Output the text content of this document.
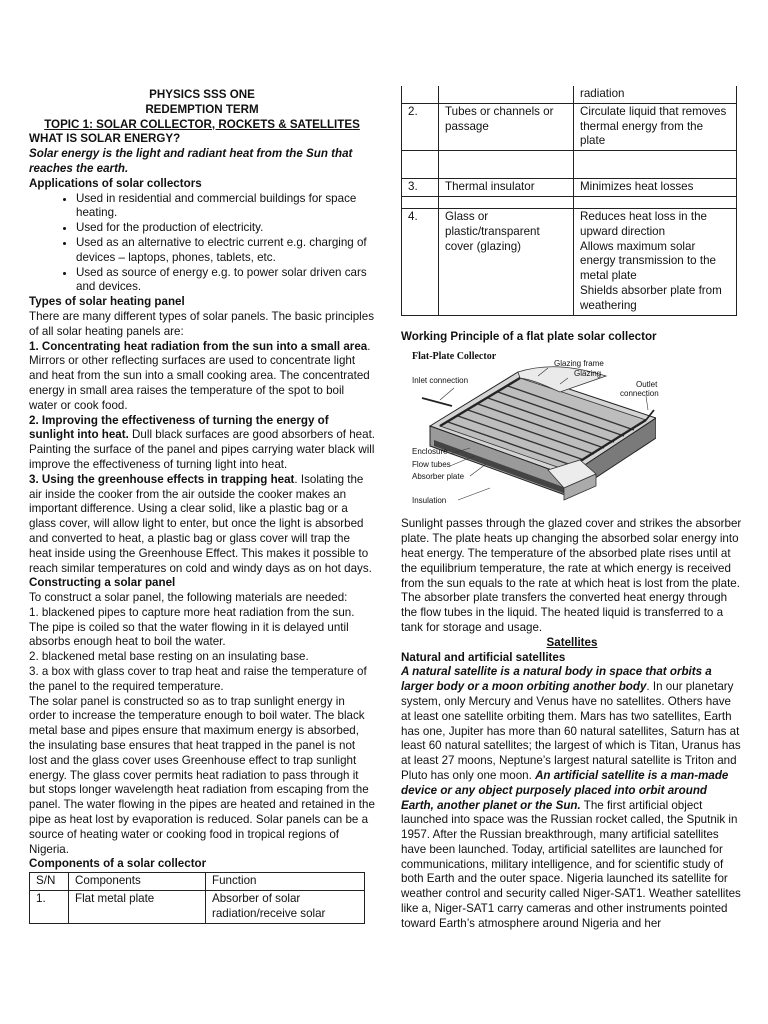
PHYSICS SSS ONE

REDEMPTION TERM

TOPIC 1: SOLAR COLLECTOR, ROCKETS & SATELLITES

WHAT IS SOLAR ENERGY?

Solar energy is the light and radiant heat from the Sun that reaches the earth.

Applications of solar collectors

• Used in residential and commercial buildings for space heating.
• Used for the production of electricity.
• Used as an alternative to electric current e.g. charging of devices – laptops, phones, tablets, etc.
• Used as source of energy e.g. to power solar driven cars and devices.

Types of solar heating panel

There are many different types of solar panels. The basic principles of all solar heating panels are:

1. Concentrating heat radiation from the sun into a small area.

Mirrors or other reflecting surfaces are used to concentrate light and heat from the sun into a small cooking area. The concentrated energy in small area raises the temperature of the spot to boil water or cook food.

2. Improving the effectiveness of turning the energy of sunlight into heat. Dull black surfaces are good absorbers of heat. Painting the surface of the panel and pipes carrying water black will improve the effectiveness of turning light into heat.

3. Using the greenhouse effects in trapping heat. Isolating the air inside the cooker from the air outside the cooker makes an important difference. Using a clear solid, like a plastic bag or a glass cover, will allow light to enter, but once the light is absorbed and converted to heat, a plastic bag or glass cover will trap the heat inside using the Greenhouse Effect. This makes it possible to reach similar temperatures on cold and windy days as on hot days.

Constructing a solar panel

To construct a solar panel, the following materials are needed:

1. blackened pipes to capture more heat radiation from the sun. The pipe is coiled so that the water flowing in it is delayed until absorbs enough heat to boil the water.

2. blackened metal base resting on an insulating base.

3. a box with glass cover to trap heat and raise the temperature of the panel to the required temperature.

The solar panel is constructed so as to trap sunlight energy in order to increase the temperature enough to boil water. The black metal base and pipes ensure that maximum energy is absorbed, the insulating base ensures that heat trapped in the panel is not lost and the glass cover uses Greenhouse effect to trap sunlight energy. The glass cover permits heat radiation to pass through it but stops longer wavelength heat radiation from escaping from the panel. The water flowing in the pipes are heated and retained in the pipe as heat lost by evaporation is reduced. Solar panels can be a source of heating water or cooking food in tropical regions of Nigeria.

Components of a solar collector

S/N	Components	Function
1.	Flat metal plate	Absorber of solar radiation/receive solar
		radiation
2.	Tubes or channels or passage	Circulate liquid that removes thermal energy from the plate

3.	Thermal insulator	Minimizes heat losses

4.	Glass or plastic/transparent cover (glazing)	Reduces heat loss in the upward direction
Allows maximum solar energy transmission to the metal plate
Shields absorber plate from weathering

Working Principle of a flat plate solar collector

Flat-Plate Collector
Glazing frame
Glazing
Inlet connection	Outlet
connection
Enclosure
Flow tubes
Absorber plate
Insulation

Sunlight passes through the glazed cover and strikes the absorber plate. The plate heats up changing the absorbed solar energy into heat energy. The temperature of the absorbed plate rises until at the equilibrium temperature, the rate at which energy is received from the sun equals to the rate at which heat is lost from the plate. The absorber plate transfers the converted heat energy through the flow tubes in the liquid. The heated liquid is transferred to a tank for storage and usage.

Satellites

Natural and artificial satellites

A natural satellite is a natural body in space that orbits a larger body or a moon orbiting another body. In our planetary system, only Mercury and Venus have no satellites. Others have at least one satellite orbiting them. Mars has two satellites, Earth has one, Jupiter has more than 60 natural satellites, Saturn has at least 60 natural satellites; the largest of which is Titan, Uranus has at least 27 moons, Neptune’s largest natural satellite is Triton and Pluto has only one moon. An artificial satellite is a man-made device or any object purposely placed into orbit around Earth, another planet or the Sun. The first artificial object launched into space was the Russian rocket called, the Sputnik in 1957. After the Russian breakthrough, many artificial satellites have been launched. Today, artificial satellites are launched for communications, military intelligence, and for scientific study of both Earth and the outer space. Nigeria launched its satellite for weather control and security called Niger-SAT1. Weather satellites like a, Niger-SAT1 carry cameras and other instruments pointed toward Earth’s atmosphere around Nigeria and her
